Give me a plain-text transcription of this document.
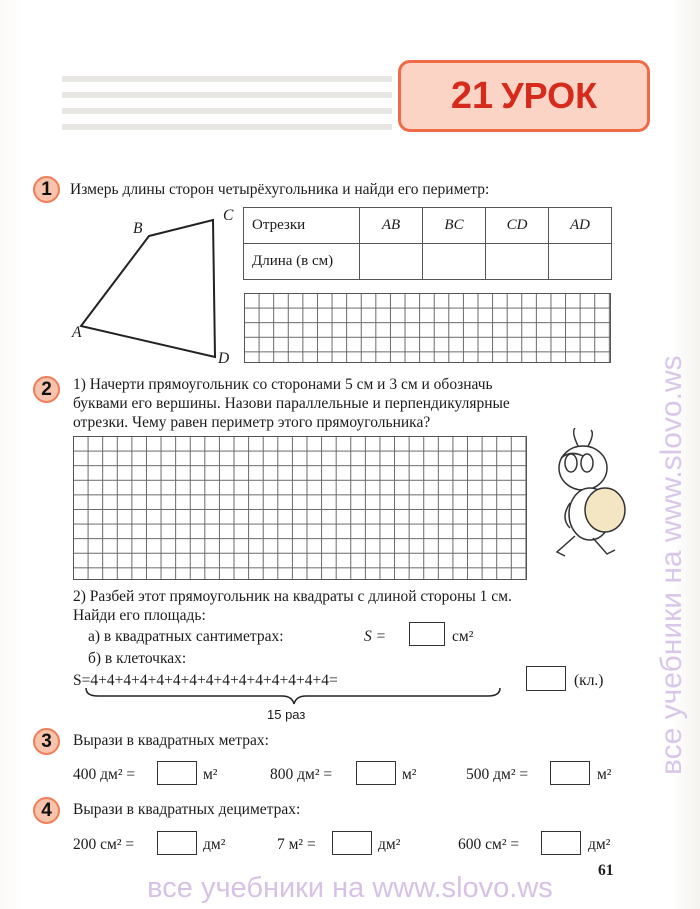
21 УРОК
все учебники на www.slovo.ws
1	Измерь длины сторон четырёхугольника и найди его периметр:
B
C
A
D
Отрезки	AB	BC	CD	AD
Длина (в см)				
2	1) Начерти прямоугольник со сторонами 5 см и 3 см и обозначь
буквами его вершины. Назови параллельные и перпендикулярные
отрезки. Чему равен периметр этого прямоугольника?
2) Разбей этот прямоугольник на квадраты с длиной стороны 1 см.
Найди его площадь:
а) в квадратных сантиметрах:	S =	см²
б) в клеточках:
S=4+4+4+4+4+4+4+4+4+4+4+4+4+4+4=	(кл.)
15 раз
3	Вырази в квадратных метрах:
400 дм² =	м²	800 дм² =	м²	500 дм² =	м²
4	Вырази в квадратных дециметрах:
200 см² =	дм²	7 м² =	дм²	600 см² =	дм²
61
все учебники на www.slovo.ws
